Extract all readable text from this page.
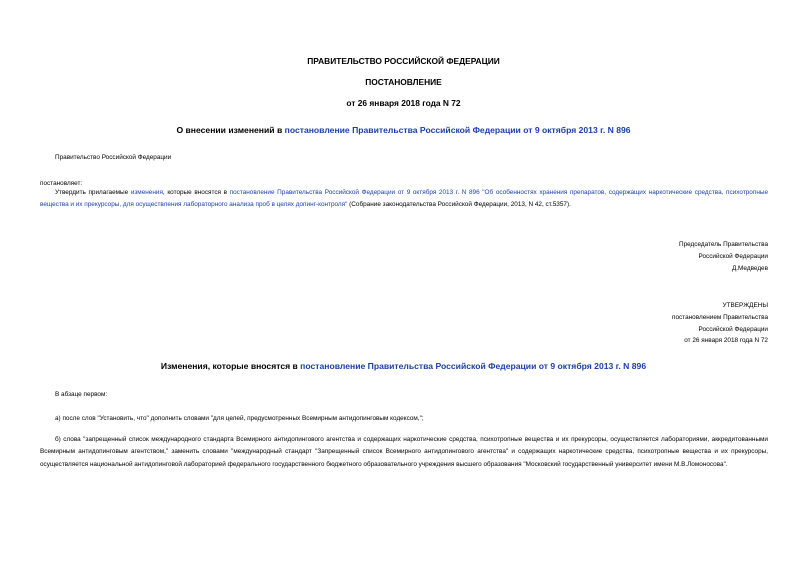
ПРАВИТЕЛЬСТВО РОССИЙСКОЙ ФЕДЕРАЦИИ
ПОСТАНОВЛЕНИЕ
от 26 января 2018 года N 72
О внесении изменений в постановление Правительства Российской Федерации от 9 октября 2013 г. N 896
Правительство Российской Федерации
постановляет:
Утвердить прилагаемые изменения, которые вносятся в постановление Правительства Российской Федерации от 9 октября 2013 г. N 896 "Об особенностях хранения препаратов, содержащих наркотические средства, психотропные вещества и их прекурсоры, для осуществления лабораторного анализа проб в целях допинг-контроля" (Собрание законодательства Российской Федерации, 2013, N 42, ст.5357).
Председатель Правительства
Российской Федерации
Д.Медведев
УТВЕРЖДЕНЫ
постановлением Правительства
Российской Федерации
от 26 января 2018 года N 72
Изменения, которые вносятся в постановление Правительства Российской Федерации от 9 октября 2013 г. N 896
В абзаце первом:
а) после слов "Установить, что" дополнить словами "для целей, предусмотренных Всемирным антидопинговым кодексом,";
б) слова "запрещенный список международного стандарта Всемирного антидопингового агентства и содержащих наркотические средства, психотропные вещества и их прекурсоры, осуществляется лабораториями, аккредитованными Всемирным антидопинговым агентством," заменить словами "международный стандарт "Запрещенный список Всемирного антидопингового агентства" и содержащих наркотические средства, психотропные вещества и их прекурсоры, осуществляется национальной антидопинговой лабораторией федерального государственного бюджетного образовательного учреждения высшего образования "Московский государственный университет имени М.В.Ломоносова".
